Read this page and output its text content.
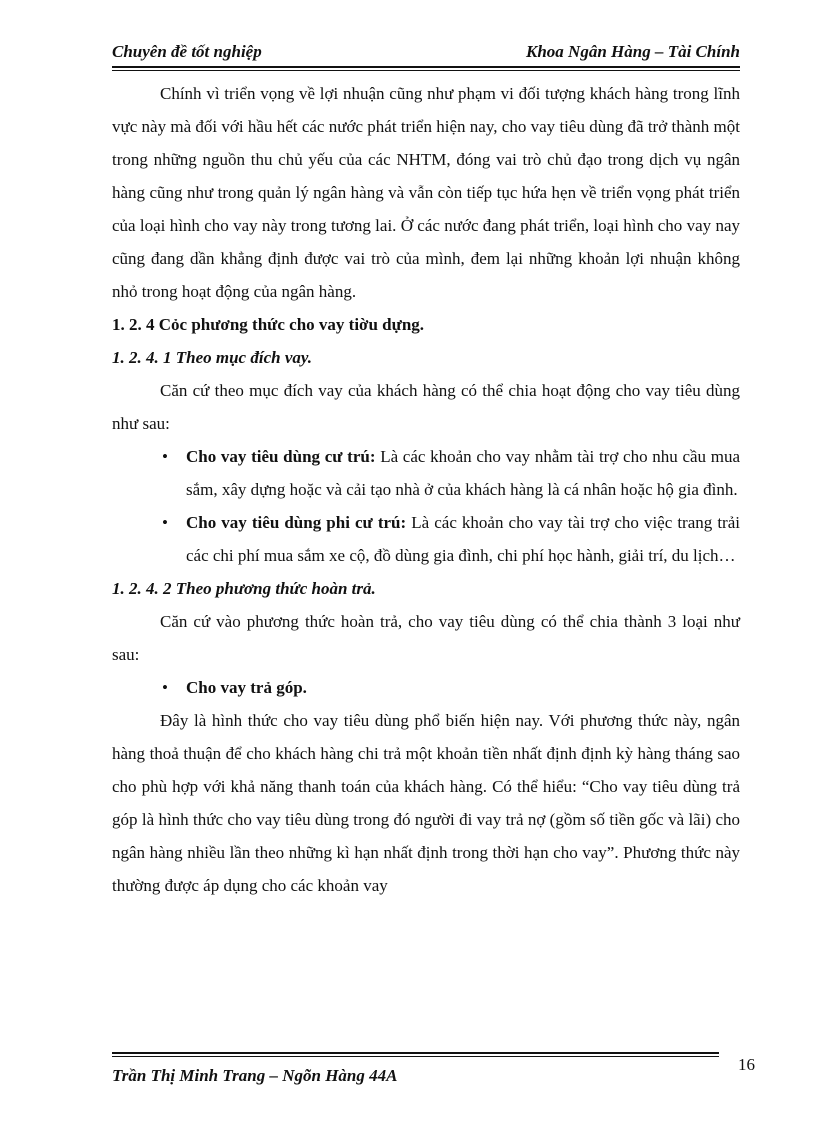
Chuyên đề tốt nghiệp	Khoa Ngân Hàng – Tài Chính

Chính vì triển vọng về lợi nhuận cũng như phạm vi đối tượng khách hàng trong lĩnh vực này mà đối với hầu hết các nước phát triển hiện nay, cho vay tiêu dùng đã trở thành một trong những nguồn thu chủ yếu của các NHTM, đóng vai trò chủ đạo trong dịch vụ ngân hàng cũng như trong quản lý ngân hàng và vẫn còn tiếp tục hứa hẹn về triển vọng phát triển của loại hình cho vay này trong tương lai. Ở các nước đang phát triển, loại hình cho vay nay cũng đang dần khẳng định được vai trò của mình, đem lại những khoản lợi nhuận không nhỏ trong hoạt động của ngân hàng.

1. 2. 4 Cỏc phương thức cho vay tiờu dựng.

1. 2. 4. 1 Theo mục đích vay.

Căn cứ theo mục đích vay của khách hàng có thể chia hoạt động cho vay tiêu dùng như sau:

• Cho vay tiêu dùng cư trú: Là các khoản cho vay nhằm tài trợ cho nhu cầu mua sắm, xây dựng hoặc và cải tạo nhà ở của khách hàng là cá nhân hoặc hộ gia đình.

• Cho vay tiêu dùng phi cư trú: Là các khoản cho vay tài trợ cho việc trang trải các chi phí mua sắm xe cộ, đồ dùng gia đình, chi phí học hành, giải trí, du lịch…

1. 2. 4. 2 Theo phương thức hoàn trả.

Căn cứ vào phương thức hoàn trả, cho vay tiêu dùng có thể chia thành 3 loại như sau:

• Cho vay trả góp.

Đây là hình thức cho vay tiêu dùng phổ biến hiện nay. Với phương thức này, ngân hàng thoả thuận để cho khách hàng chi trả một khoản tiền nhất định định kỳ hàng tháng sao cho phù hợp với khả năng thanh toán của khách hàng. Có thể hiểu: “Cho vay tiêu dùng trả góp là hình thức cho vay tiêu dùng trong đó người đi vay trả nợ (gồm số tiền gốc và lãi) cho ngân hàng nhiều lần theo những kì hạn nhất định trong thời hạn cho vay”. Phương thức này thường được áp dụng cho các khoản vay

Trần Thị Minh Trang – Ngõn Hàng 44A
16
